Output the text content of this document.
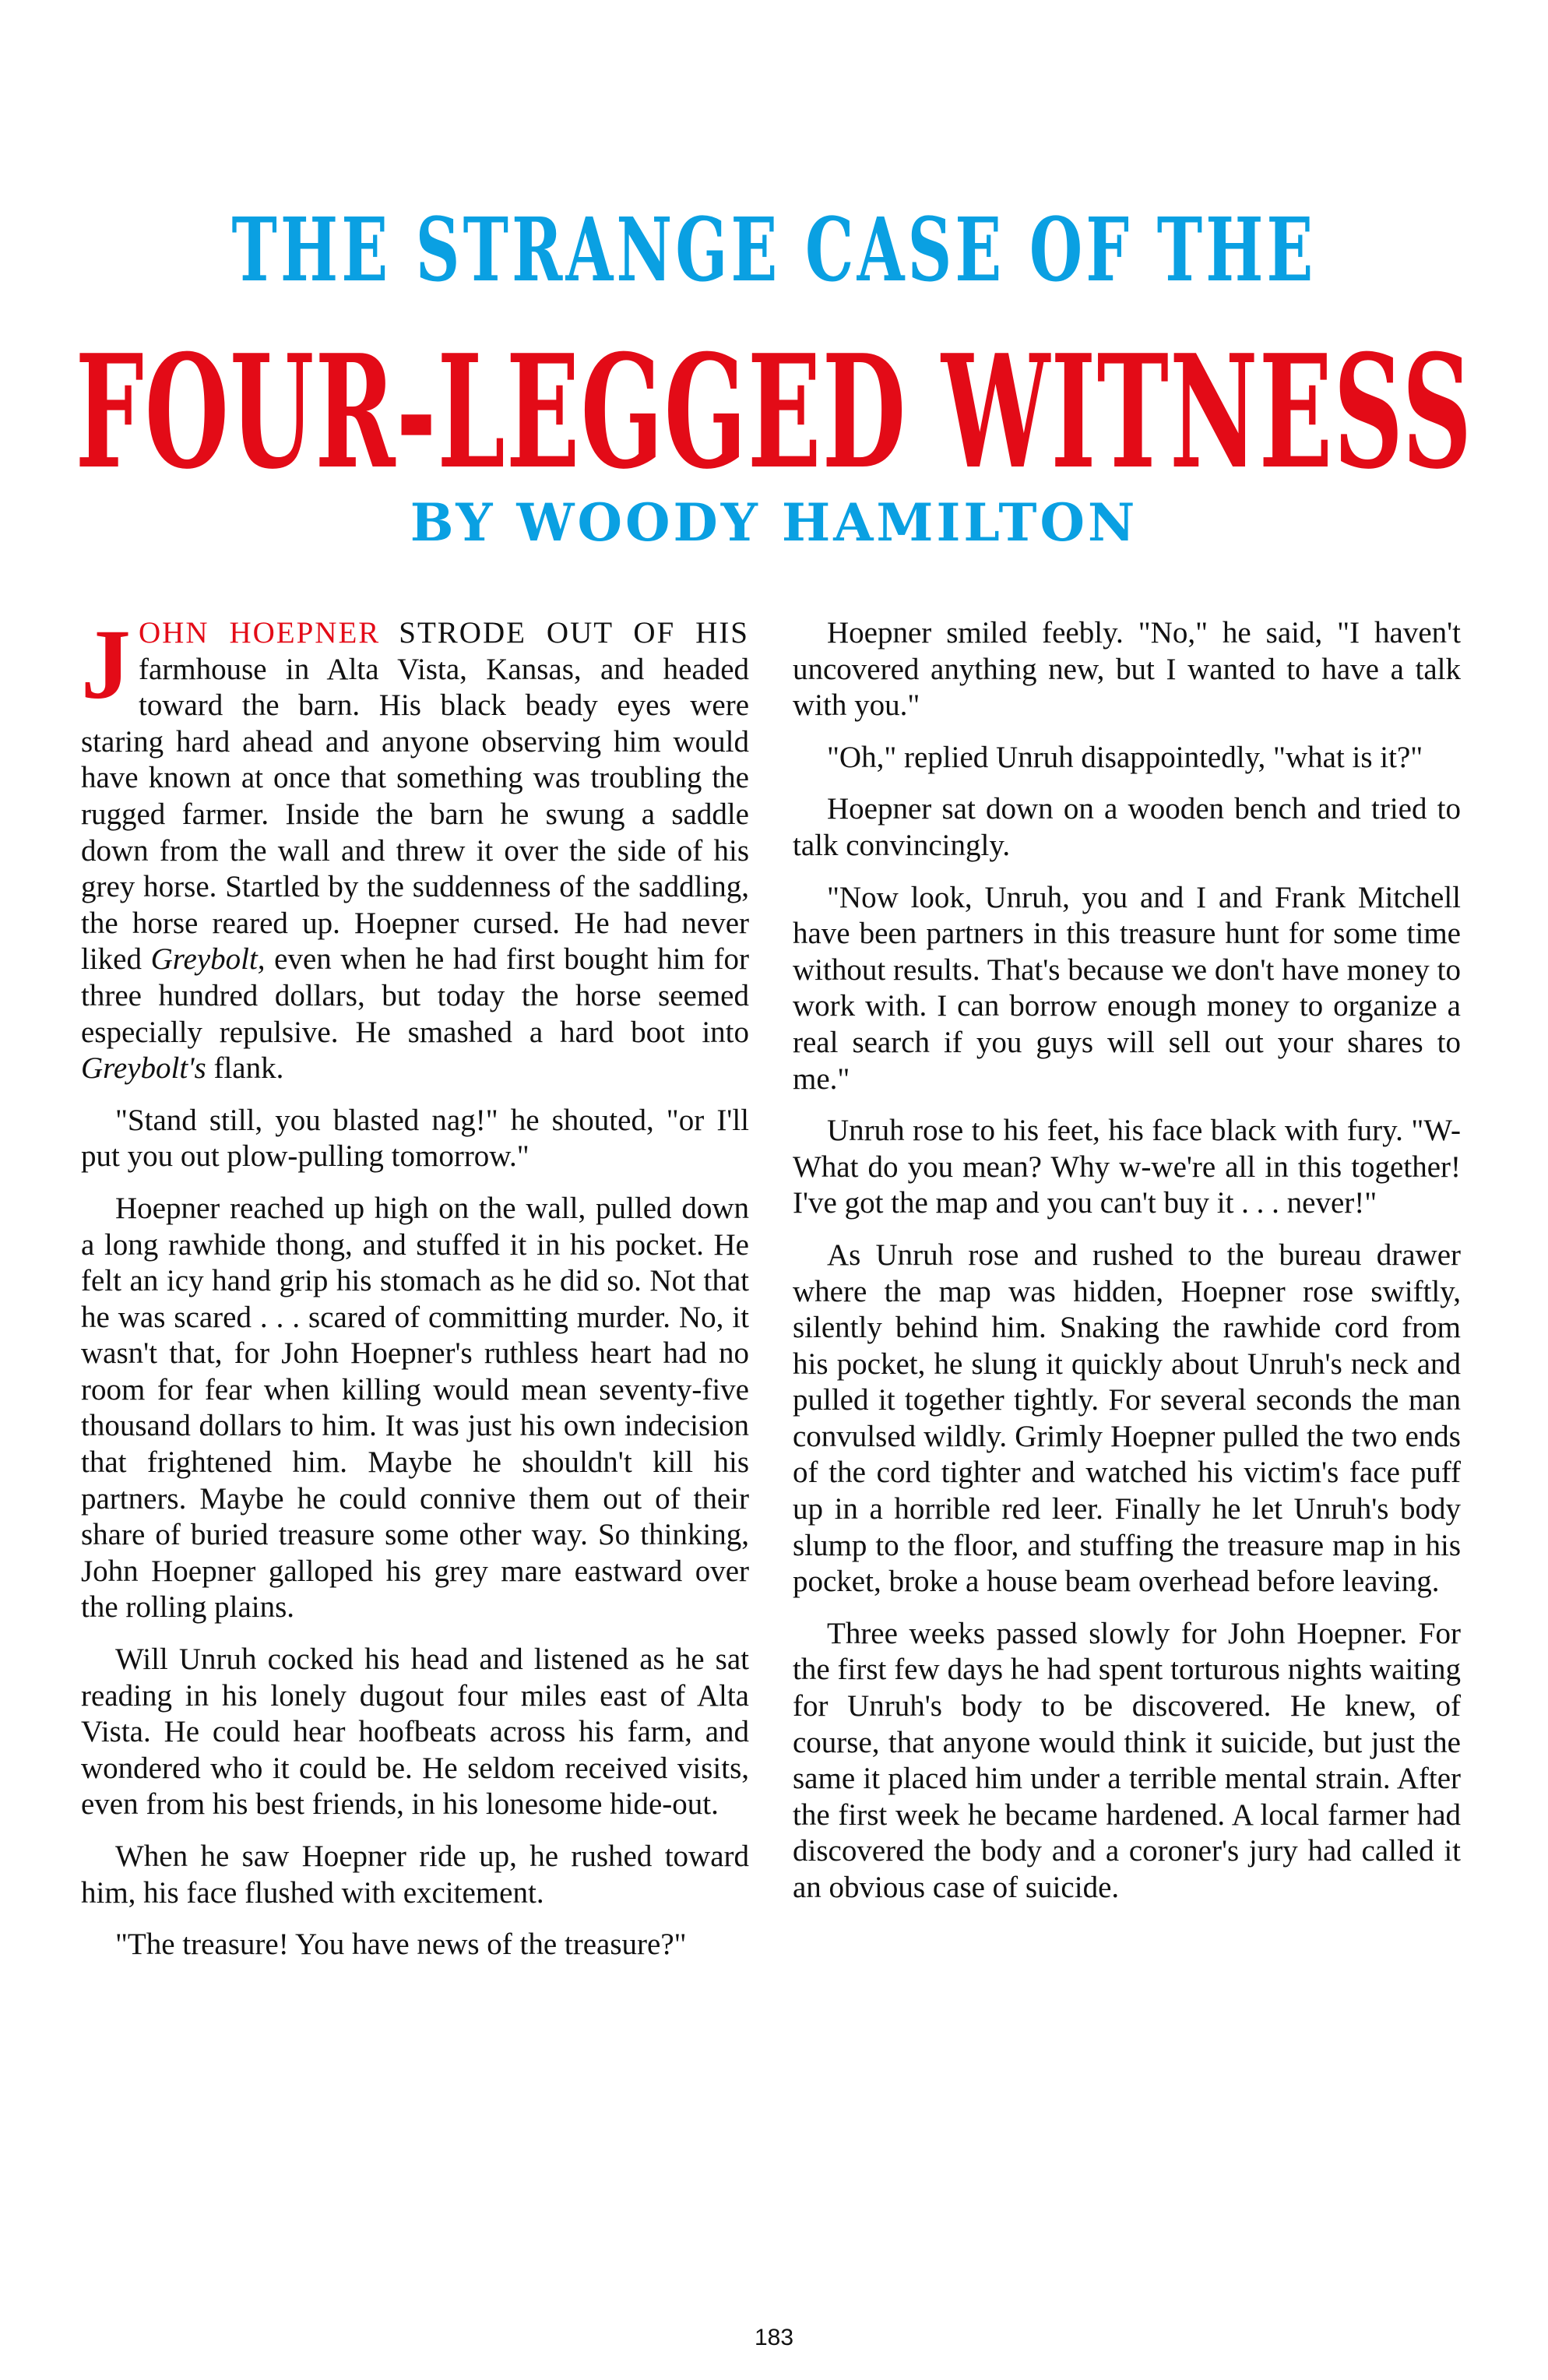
THE STRANGE CASE OF THE
FOUR-LEGGED WITNESS
BY WOODY HAMILTON

JOHN HOEPNER STRODE OUT OF HIS farmhouse in Alta Vista, Kansas, and headed toward the barn. His black beady eyes were staring hard ahead and anyone observing him would have known at once that something was troubling the rugged farmer. Inside the barn he swung a saddle down from the wall and threw it over the side of his grey horse. Startled by the suddenness of the saddling, the horse reared up. Hoepner cursed. He had never liked Greybolt, even when he had first bought him for three hundred dollars, but today the horse seemed especially repulsive. He smashed a hard boot into Greybolt's flank.

"Stand still, you blasted nag!" he shouted, "or I'll put you out plow-pulling tomorrow."

Hoepner reached up high on the wall, pulled down a long rawhide thong, and stuffed it in his pocket. He felt an icy hand grip his stomach as he did so. Not that he was scared . . . scared of committing murder. No, it wasn't that, for John Hoepner's ruthless heart had no room for fear when killing would mean seventy-five thousand dollars to him. It was just his own indecision that frightened him. Maybe he shouldn't kill his partners. Maybe he could connive them out of their share of buried treasure some other way. So thinking, John Hoepner galloped his grey mare eastward over the rolling plains.

Will Unruh cocked his head and listened as he sat reading in his lonely dugout four miles east of Alta Vista. He could hear hoofbeats across his farm, and wondered who it could be. He seldom received visits, even from his best friends, in his lonesome hide-out.

When he saw Hoepner ride up, he rushed toward him, his face flushed with excitement.

"The treasure! You have news of the treasure?"

Hoepner smiled feebly. "No," he said, "I haven't uncovered anything new, but I wanted to have a talk with you."

"Oh," replied Unruh disappointedly, "what is it?"

Hoepner sat down on a wooden bench and tried to talk convincingly.

"Now look, Unruh, you and I and Frank Mitchell have been partners in this treasure hunt for some time without results. That's because we don't have money to work with. I can borrow enough money to organize a real search if you guys will sell out your shares to me."

Unruh rose to his feet, his face black with fury. "W-What do you mean? Why w-we're all in this together! I've got the map and you can't buy it . . . never!"

As Unruh rose and rushed to the bureau drawer where the map was hidden, Hoepner rose swiftly, silently behind him. Snaking the rawhide cord from his pocket, he slung it quickly about Unruh's neck and pulled it together tightly. For several seconds the man convulsed wildly. Grimly Hoepner pulled the two ends of the cord tighter and watched his victim's face puff up in a horrible red leer. Finally he let Unruh's body slump to the floor, and stuffing the treasure map in his pocket, broke a house beam overhead before leaving.

Three weeks passed slowly for John Hoepner. For the first few days he had spent torturous nights waiting for Unruh's body to be discovered. He knew, of course, that anyone would think it suicide, but just the same it placed him under a terrible mental strain. After the first week he became hardened. A local farmer had discovered the body and a coroner's jury had called it an obvious case of suicide.

183
